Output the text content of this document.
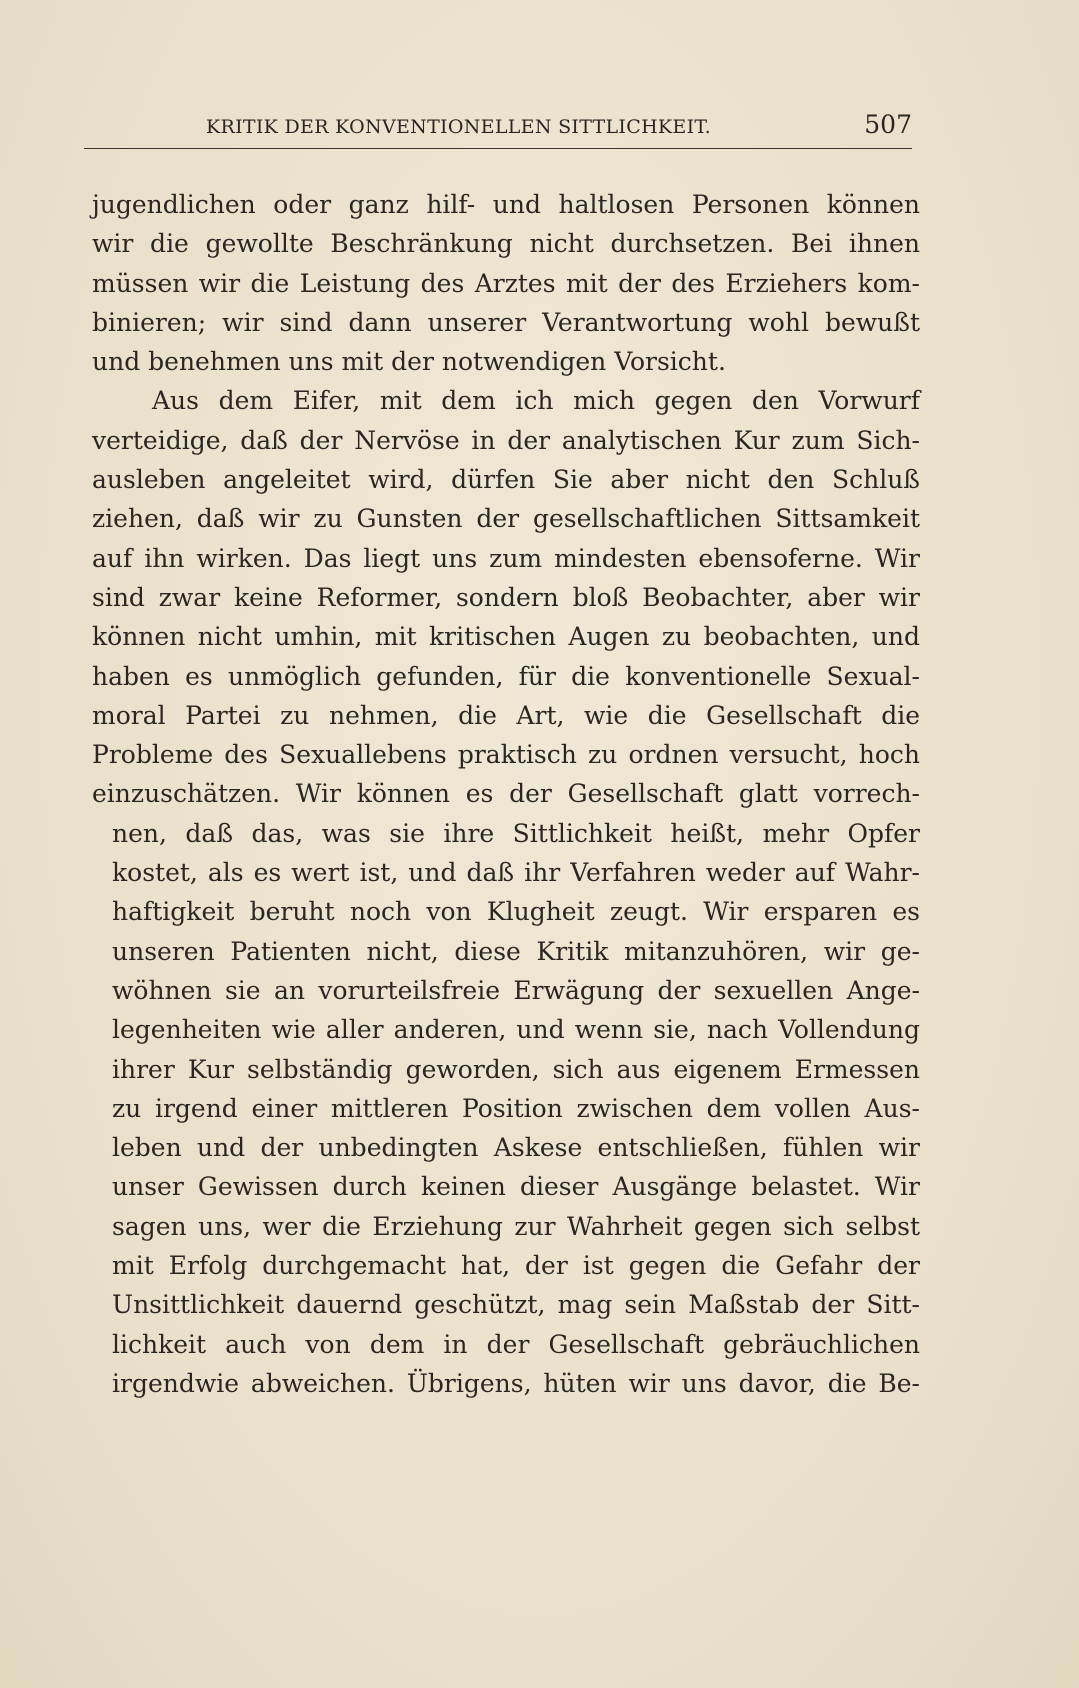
KRITIK DER KONVENTIONELLEN SITTLICHKEIT.	507
jugendlichen oder ganz hilf- und haltlosen Personen können
wir die gewollte Beschränkung nicht durchsetzen. Bei ihnen
müssen wir die Leistung des Arztes mit der des Erziehers kom-
binieren; wir sind dann unserer Verantwortung wohl bewußt
und benehmen uns mit der notwendigen Vorsicht.
Aus dem Eifer, mit dem ich mich gegen den Vorwurf
verteidige, daß der Nervöse in der analytischen Kur zum Sich-
ausleben angeleitet wird, dürfen Sie aber nicht den Schluß
ziehen, daß wir zu Gunsten der gesellschaftlichen Sittsamkeit
auf ihn wirken. Das liegt uns zum mindesten ebensoferne. Wir
sind zwar keine Reformer, sondern bloß Beobachter, aber wir
können nicht umhin, mit kritischen Augen zu beobachten, und
haben es unmöglich gefunden, für die konventionelle Sexual-
moral Partei zu nehmen, die Art, wie die Gesellschaft die
Probleme des Sexuallebens praktisch zu ordnen versucht, hoch
einzuschätzen. Wir können es der Gesellschaft glatt vorrech-
nen, daß das, was sie ihre Sittlichkeit heißt, mehr Opfer
kostet, als es wert ist, und daß ihr Verfahren weder auf Wahr-
haftigkeit beruht noch von Klugheit zeugt. Wir ersparen es
unseren Patienten nicht, diese Kritik mitanzuhören, wir ge-
wöhnen sie an vorurteilsfreie Erwägung der sexuellen Ange-
legenheiten wie aller anderen, und wenn sie, nach Vollendung
ihrer Kur selbständig geworden, sich aus eigenem Ermessen
zu irgend einer mittleren Position zwischen dem vollen Aus-
leben und der unbedingten Askese entschließen, fühlen wir
unser Gewissen durch keinen dieser Ausgänge belastet. Wir
sagen uns, wer die Erziehung zur Wahrheit gegen sich selbst
mit Erfolg durchgemacht hat, der ist gegen die Gefahr der
Unsittlichkeit dauernd geschützt, mag sein Maßstab der Sitt-
lichkeit auch von dem in der Gesellschaft gebräuchlichen
irgendwie abweichen. Übrigens, hüten wir uns davor, die Be-
